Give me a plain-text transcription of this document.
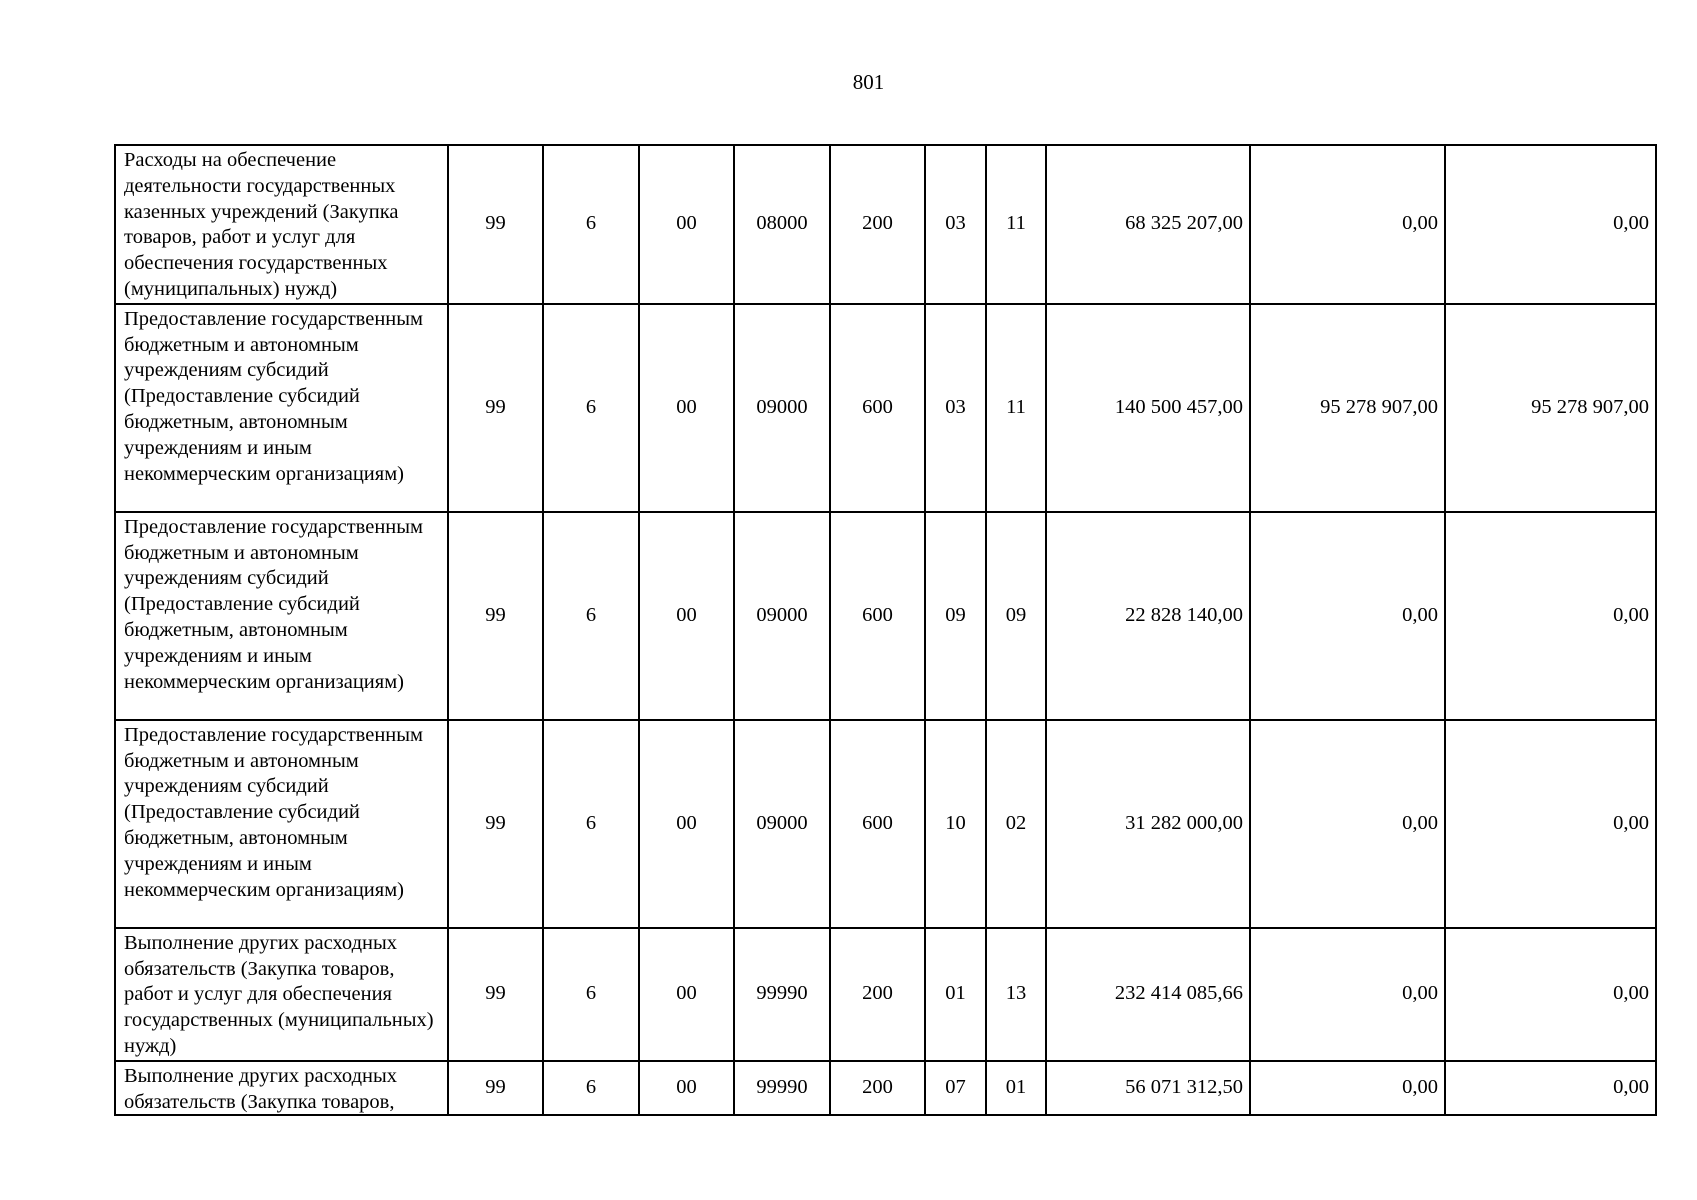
801
Расходы на обеспечение деятельности государственных казенных учреждений (Закупка товаров, работ и услуг для обеспечения государственных (муниципальных) нужд)	99	6	00	08000	200	03	11	68 325 207,00	0,00	0,00
Предоставление государственным бюджетным и автономным учреждениям субсидий (Предоставление субсидий бюджетным, автономным учреждениям и иным некоммерческим организациям)	99	6	00	09000	600	03	11	140 500 457,00	95 278 907,00	95 278 907,00
Предоставление государственным бюджетным и автономным учреждениям субсидий (Предоставление субсидий бюджетным, автономным учреждениям и иным некоммерческим организациям)	99	6	00	09000	600	09	09	22 828 140,00	0,00	0,00
Предоставление государственным бюджетным и автономным учреждениям субсидий (Предоставление субсидий бюджетным, автономным учреждениям и иным некоммерческим организациям)	99	6	00	09000	600	10	02	31 282 000,00	0,00	0,00
Выполнение других расходных обязательств (Закупка товаров, работ и услуг для обеспечения государственных (муниципальных) нужд)	99	6	00	99990	200	01	13	232 414 085,66	0,00	0,00

Выполнение других расходных обязательств (Закупка товаров,	99	6	00	99990	200	07	01	56 071 312,50	0,00	0,00
